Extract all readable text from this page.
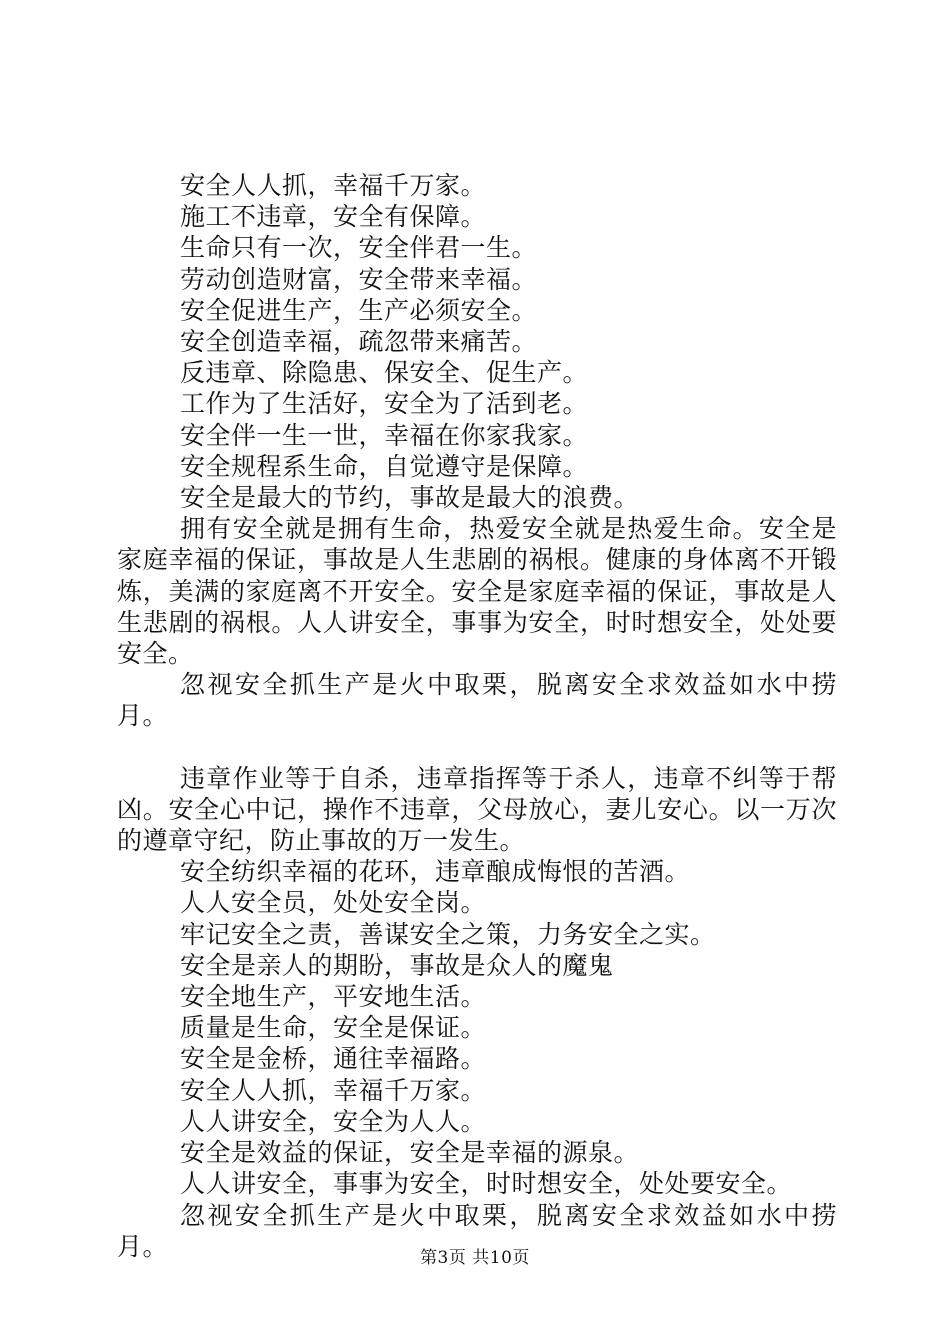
安全人人抓，幸福千万家。

施工不违章，安全有保障。

生命只有一次，安全伴君一生。

劳动创造财富，安全带来幸福。

安全促进生产，生产必须安全。

安全创造幸福，疏忽带来痛苦。

反违章、除隐患、保安全、促生产。

工作为了生活好，安全为了活到老。

安全伴一生一世，幸福在你家我家。

安全规程系生命，自觉遵守是保障。

安全是最大的节约，事故是最大的浪费。

拥有安全就是拥有生命，热爱安全就是热爱生命。安全是家庭幸福的保证，事故是人生悲剧的祸根。健康的身体离不开锻炼，美满的家庭离不开安全。安全是家庭幸福的保证，事故是人生悲剧的祸根。人人讲安全，事事为安全，时时想安全，处处要安全。

忽视安全抓生产是火中取栗，脱离安全求效益如水中捞月。

违章作业等于自杀，违章指挥等于杀人，违章不纠等于帮凶。安全心中记，操作不违章，父母放心，妻儿安心。以一万次的遵章守纪，防止事故的万一发生。

安全纺织幸福的花环，违章酿成悔恨的苦酒。

人人安全员，处处安全岗。

牢记安全之责，善谋安全之策，力务安全之实。

安全是亲人的期盼，事故是众人的魔鬼

安全地生产，平安地生活。

质量是生命，安全是保证。

安全是金桥，通往幸福路。

安全人人抓，幸福千万家。

人人讲安全，安全为人人。

安全是效益的保证，安全是幸福的源泉。

人人讲安全，事事为安全，时时想安全，处处要安全。

忽视安全抓生产是火中取栗，脱离安全求效益如水中捞月。	第3页 共10页
